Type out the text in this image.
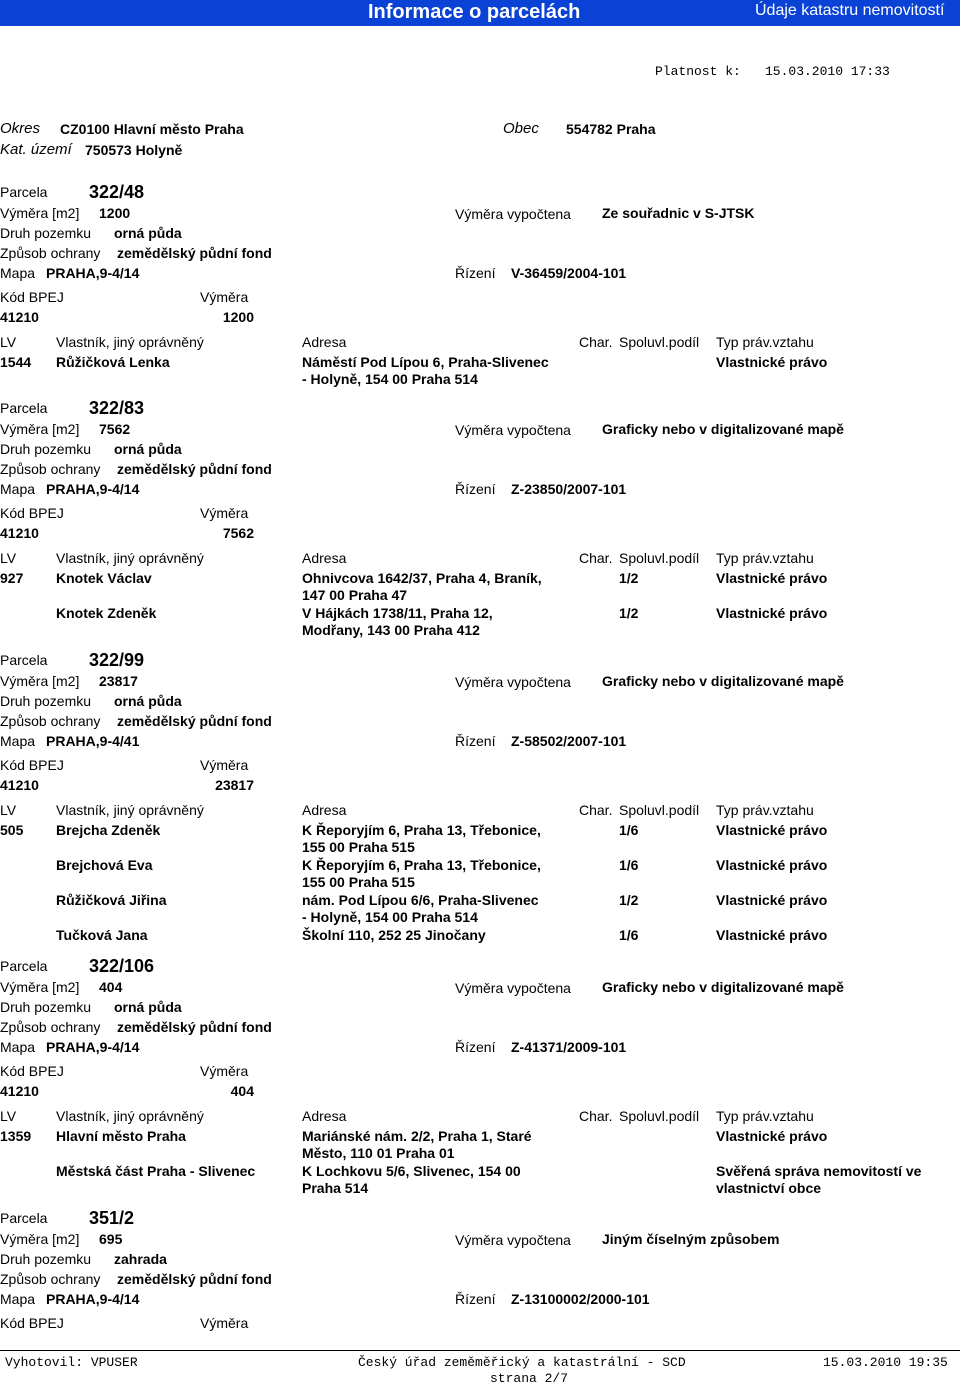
Informace o parcelách	Údaje katastru nemovitostí
Platnost k: 15.03.2010 17:33
Okres CZ0100 Hlavní město Praha	Obec 554782 Praha
Kat. území 750573 Holyně
Parcela 322/48
Výměra [m2] 1200	Výměra vypočtena Ze souřadnic v S-JTSK
Druh pozemku orná půda
Způsob ochrany zemědělský půdní fond
Mapa PRAHA,9-4/14	Řízení V-36459/2004-101
Kód BPEJ	Výměra
41210	1200
LV	Vlastník, jiný oprávněný	Adresa	Char. Spoluvl.podíl Typ práv.vztahu
1544 Růžičková Lenka	Náměstí Pod Lípou 6, Praha-Slivenec
- Holyně, 154 00 Praha 514
Vlastnické právo
Parcela 322/83
Výměra [m2] 7562	Výměra vypočtena Graficky nebo v digitalizované mapě
Druh pozemku orná půda
Způsob ochrany zemědělský půdní fond
Mapa PRAHA,9-4/14	Řízení Z-23850/2007-101
Kód BPEJ	Výměra
41210	7562
LV	Vlastník, jiný oprávněný	Adresa	Char. Spoluvl.podíl Typ práv.vztahu
927 Knotek Václav	Ohnivcova 1642/37, Praha 4, Braník,
147 00 Praha 47
1/2	Vlastnické právo
Knotek Zdeněk	V Hájkách 1738/11, Praha 12,
Modřany, 143 00 Praha 412
1/2	Vlastnické právo
Parcela 322/99
Výměra [m2] 23817	Výměra vypočtena Graficky nebo v digitalizované mapě
Druh pozemku orná půda
Způsob ochrany zemědělský půdní fond
Mapa PRAHA,9-4/41	Řízení Z-58502/2007-101
Kód BPEJ	Výměra
41210	23817
LV	Vlastník, jiný oprávněný	Adresa	Char. Spoluvl.podíl Typ práv.vztahu
505 Brejcha Zdeněk	K Řeporyjím 6, Praha 13, Třebonice,
155 00 Praha 515
1/6	Vlastnické právo
Brejchová Eva	K Řeporyjím 6, Praha 13, Třebonice,
155 00 Praha 515
1/6	Vlastnické právo
Růžičková Jiřina	nám. Pod Lípou 6/6, Praha-Slivenec
- Holyně, 154 00 Praha 514
1/2	Vlastnické právo
Tučková Jana	Školní 110, 252 25 Jinočany	1/6	Vlastnické právo
Parcela 322/106
Výměra [m2] 404	Výměra vypočtena Graficky nebo v digitalizované mapě
Druh pozemku orná půda
Způsob ochrany zemědělský půdní fond
Mapa PRAHA,9-4/14	Řízení Z-41371/2009-101
Kód BPEJ	Výměra
41210	404
LV	Vlastník, jiný oprávněný	Adresa	Char. Spoluvl.podíl Typ práv.vztahu
1359 Hlavní město Praha	Mariánské nám. 2/2, Praha 1, Staré
Město, 110 01 Praha 01
Vlastnické právo
Městská část Praha - Slivenec	K Lochkovu 5/6, Slivenec, 154 00
Praha 514
Svěřená správa nemovitostí ve
vlastnictví obce
Parcela 351/2
Výměra [m2] 695	Výměra vypočtena Jiným číselným způsobem
Druh pozemku zahrada
Způsob ochrany zemědělský půdní fond
Mapa PRAHA,9-4/14	Řízení Z-13100002/2000-101
Kód BPEJ	Výměra
Vyhotovil: VPUSER	Český úřad zeměměřický a katastrální - SCD	15.03.2010 19:35
strana 2/7
